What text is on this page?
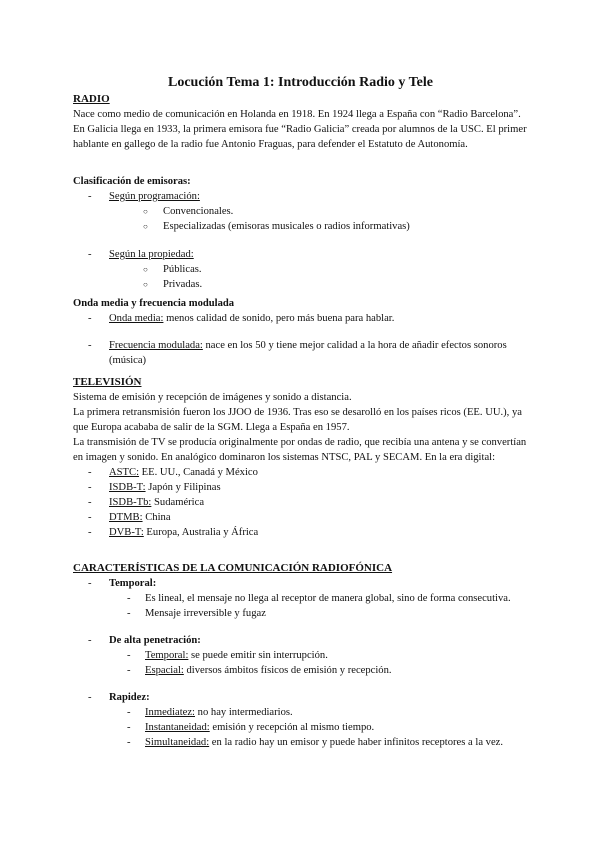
Locución Tema 1: Introducción Radio y Tele
RADIO

Nace como medio de comunicación en Holanda en 1918. En 1924 llega a España con “Radio Barcelona”. En Galicia llega en 1933, la primera emisora fue “Radio Galicia” creada por alumnos de la USC. El primer hablante en gallego de la radio fue Antonio Fraguas, para defender el Estatuto de Autonomía.

Clasificación de emisoras:
- Según programación:
○ Convencionales.
○ Especializadas (emisoras musicales o radios informativas)
- Según la propiedad:
○ Públicas.
○ Privadas.
Onda media y frecuencia modulada
- Onda media: menos calidad de sonido, pero más buena para hablar.
- Frecuencia modulada: nace en los 50 y tiene mejor calidad a la hora de añadir efectos sonoros (música)
TELEVISIÓN

Sistema de emisión y recepción de imágenes y sonido a distancia.

La primera retransmisión fueron los JJOO de 1936. Tras eso se desarolló en los países ricos (EE. UU.), ya que Europa acababa de salir de la SGM. Llega a España en 1957.

La transmisión de TV se producía originalmente por ondas de radio, que recibía una antena y se convertían en imagen y sonido. En analógico dominaron los sistemas NTSC, PAL y SECAM. En la era digital:

- ASTC: EE. UU., Canadá y México
- ISDB-T: Japón y Filipinas
- ISDB-Tb: Sudamérica
- DTMB: China
- DVB-T: Europa, Australia y África
CARACTERÍSTICAS DE LA COMUNICACIÓN RADIOFÓNICA
- Temporal:
- Es lineal, el mensaje no llega al receptor de manera global, sino de forma consecutiva.
- Mensaje irreversible y fugaz
- De alta penetración:
- Temporal: se puede emitir sin interrupción.
- Espacial: diversos ámbitos físicos de emisión y recepción.
- Rapidez:
- Inmediatez: no hay intermediarios.
- Instantaneidad: emisión y recepción al mismo tiempo.
- Simultaneidad: en la radio hay un emisor y puede haber infinitos receptores a la vez.
